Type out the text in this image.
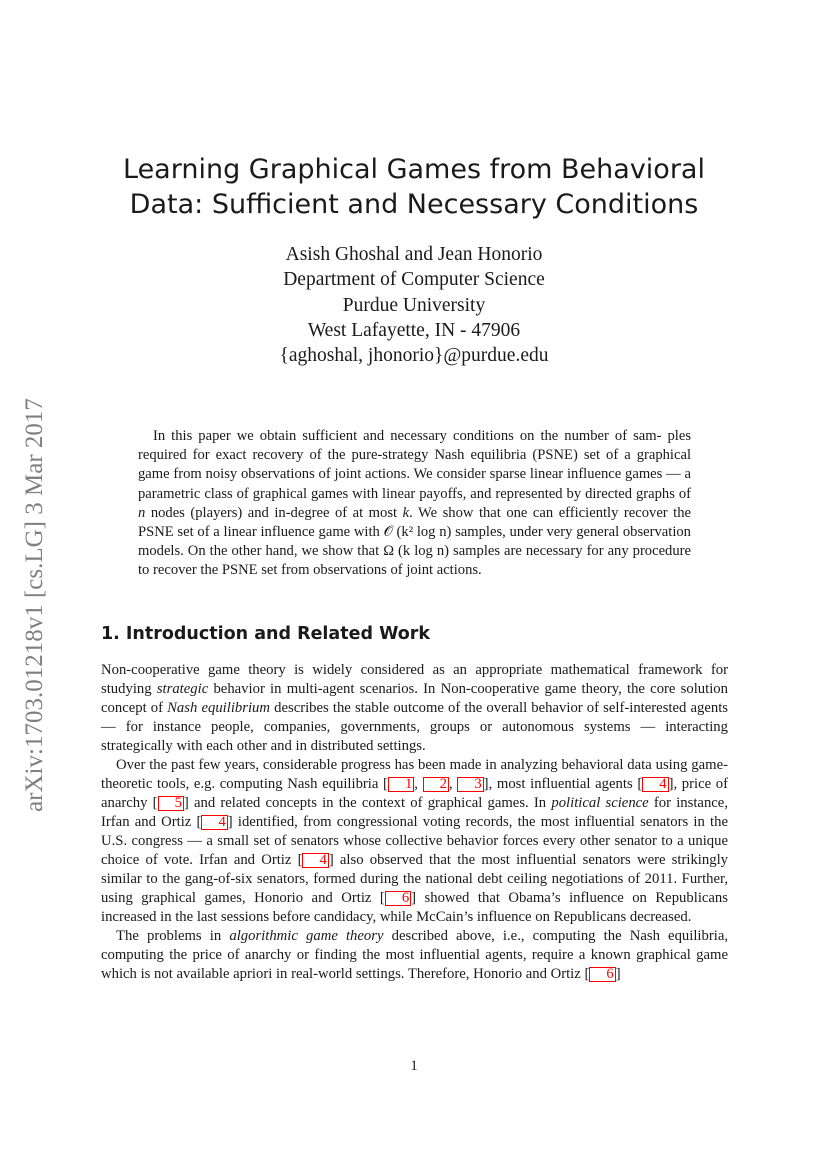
arXiv:1703.01218v1 [cs.LG] 3 Mar 2017
Learning Graphical Games from Behavioral
Data: Sufficient and Necessary Conditions
Asish Ghoshal and Jean Honorio
Department of Computer Science
Purdue University
West Lafayette, IN - 47906
{aghoshal, jhonorio}@purdue.edu

In this paper we obtain sufficient and necessary conditions on the number of sam- ples required for exact recovery of the pure-strategy Nash equilibria (PSNE) set of a graphical game from noisy observations of joint actions. We consider sparse linear influence games — a parametric class of graphical games with linear payoffs, and represented by directed graphs of n nodes (players) and in-degree of at most k. We show that one can efficiently recover the PSNE set of a linear influence game with 𝒪 (k² log n) samples, under very general observation models. On the other hand, we show that Ω (k log n) samples are necessary for any procedure to recover the PSNE set from observations of joint actions.

1. Introduction and Related Work

Non-cooperative game theory is widely considered as an appropriate mathematical framework for studying strategic behavior in multi-agent scenarios. In Non-cooperative game theory, the core solution concept of Nash equilibrium describes the stable outcome of the overall behavior of self-interested agents — for instance people, companies, governments, groups or autonomous systems — interacting strategically with each other and in distributed settings.

Over the past few years, considerable progress has been made in analyzing behavioral data using game-theoretic tools, e.g. computing Nash equilibria [ 1 , 2 , 3 ], most influential agents [ 4 ], price of anarchy [ 5 ] and related concepts in the context of graphical games. In political science for instance, Irfan and Ortiz [ 4 ] identified, from congressional voting records, the most influential senators in the U.S. congress — a small set of senators whose collective behavior forces every other senator to a unique choice of vote. Irfan and Ortiz [ 4 ] also observed that the most influential senators were strikingly similar to the gang-of-six senators, formed during the national debt ceiling negotiations of 2011. Further, using graphical games, Honorio and Ortiz [ 6 ] showed that Obama’s influence on Republicans increased in the last sessions before candidacy, while McCain’s influence on Republicans decreased.

The problems in algorithmic game theory described above, i.e., computing the Nash equilibria, computing the price of anarchy or finding the most influential agents, require a known graphical game which is not available apriori in real-world settings. Therefore, Honorio and Ortiz [ 6 ]

1
